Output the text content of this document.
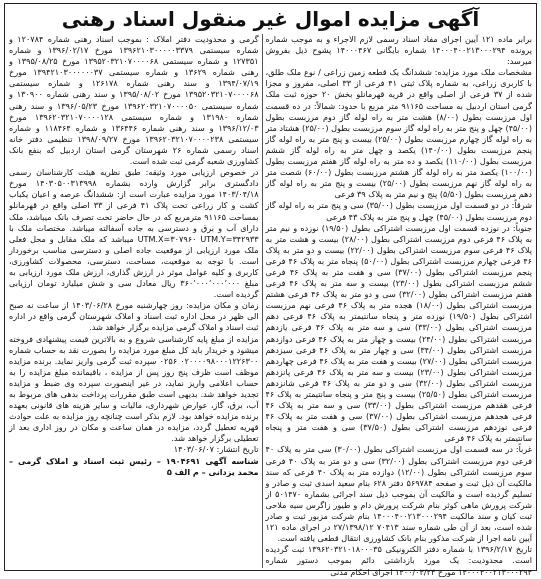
آگهی مزایده اموال غیر منقول اسناد رهنی
برابر ماده ۱۲۱ آیین اجرای مفاد اسناد رسمی لازم الاجراء و به موجب شماره پرونده ۱۴۰۰۰۴۰۰۲۱۳۰۰۰۲۹۴ شماره بایگانی ۱۴۰۰۰۴۶۷ پشوح ذیل بفروش میرسد:
مشخصات ملک مورد مزایده: ششدانگ یک قطعه زمین زراعی / نوع ملک طلق، با کاربری زراعی، به شماره پلاک ثبتی ۴۱ فرعی از ۳۳ اصلی، مفروز و مجزا شده از ۳۷ فرعی از اصلی واقع در قریه قهرمانلو بخش ۲۰ حوزه ثبت ملک گرمی استان اردبیل به مساحت ۹۱۱۶۵ متر مربع با حدود: شمالاً: در ده قسمت اول مرزبست بطول (۸/۰۰) هشت متر به راه لوله گاز دوم مرزبست بطول (۴۵/۰۰) چهل و پنج متر به راه لوله گاز سوم مرزبست بطول (۲۵/۰۰) هشتاد متر به راه لوله گاز چهارم مرزبست بطول (۲۵/۰۰) بیست و پنج متر به راه لوله گاز پنجم مرزبست بطول (۱۴۰/۰۰) یکصد و چهل متر به راه لوله گاز ششم مرزبست بطول (۱۱۰/۰۰) یکصد و ده متر به راه لوله گاز هفتم مرزبست بطول (۱۰۰/۰۰) یکصد متر به راه لوله گاز هشتم مرزبست بطول (۶۰/۰۰) شصت متر به راه لوله گاز نهم مرزبست بطول (۲۵/۰۰) بیست و پنج متر به راه لوله گاز دهم مرزبست بطول (۵/۵۰) پنج و نیم متر به پلاک ۳۹ فرعی
شرقاً: در دو قسمت اول مرزبست بطول (۳۵/۰۰) سی و پنج متر به راه لوله گاز دوم مرزبست بطول (۴۵/۰۰) چهل و پنج متر به پلاک ۴۳ فرعی
جنوباً: در نوزده قسمت اول مرزبست اشتراکی بطول (۱۹/۵۰) نوزده و نیم متر به پلاک ۴۶ فرعی دوم مرزبست اشتراکی بطول (۲۸/۰۰) بیست و هشت متر به پلاک ۴۶ فرعی سوم مرزبست اشتراکی بطول (۲۲/۰۰) بیست و دو متر به پلاک ۴۶ فرعی چهارم مرزبست اشتراکی بطول (۵۰/۰۰) پنجاه متر به پلاک ۴۶ فرعی پنجم مرزبست اشتراکی بطول (۳۷/۰۰) سی و هفت متر به پلاک ۴۶ فرعی ششم مرزبست اشتراکی بطول (۲۳/۰۰) بیست و سه متر به پلاک ۴۶ فرعی هفتم مرزبست اشتراکی بطول (۳۲/۰۰) سی و دو متر به پلاک ۴۶ فرعی هشتم مرزبست اشتراکی بطول (۱۸/۰۰) هجده متر به پلاک ۴۶ فرعی نهم مرزبست اشتراکی بطول (۱۹/۵۰) نوزده متر و پنجاه سانتیمتر به پلاک ۴۶ فرعی دهم مرزبست اشتراکی بطول (۳۳/۰۰) سی و سه متر به پلاک ۴۶ فرعی یازدهم مرزبست اشتراکی بطول (۲۴/۰۰) بیست و چهار متر به پلاک ۴۶ فرعی دوازدهم مرزبست اشتراکی بطول (۳۴/۰۰) سی و چهار متر به پلاک ۴۶ فرعی سیزدهم مرزبست اشتراکی بطول (۲۷/۰۰) بیست و هفت متر به پلاک ۴۶ فرعی چهاردهم مرزبست اشتراکی بطول (۲۳/۰۰) بیست و سه متر به پلاک ۴۶ فرعی پانزدهم مرزبست اشتراکی بطول (۳۲/۰۰) سی و دو متر به پلاک ۴۶ فرعی شانزدهم مرزبست اشتراکی بطول (۲۵/۵۰) بیست و پنج متر و پنجاه سانتیمتر به پلاک ۴۶ فرعی هفدهم مرزبست اشتراکی بطول (۳۳/۰۰) سی و سه متر به پلاک ۴۶ فرعی هجدهم مرزبست اشتراکی بطول (۳۷/۰۰) سی و هفت متر به پلاک ۴۶ فرعی نوزدهم مرزبست اشتراکی بطول (۳۷/۵۰) سی و هفت متر و پنجاه سانتیمتر به پلاک ۴۶ فرعی
غرباً: در سه قسمت اول مرزبست اشتراکی بطول (۳۰/۰۰) سی متر به پلاک ۴۰ فرعی دوم مرزبست اشتراکی بطول (۳۲/۰۰) سی و دو متر به پلاک ۴۰ فرعی سوم مرزبست اشتراکی بطول (۱۲/۰۰) دوازده متر به پلاک ۴۰ فرعی که سند مالکیت آن ذیل ثبت و صفحه ۵۶۹۷۸۴ دفتر ۶۲۸ بنام سعید اسدی ثبت و صادر و تسلیم گردیده است و مالکیت آن بموجب ذیل سند اجرائی بشماره ۵۰۱۴۷۰ از شرکت پرورش ماهی کوثر بنام شرکت پرورش دام و طیور زاگرس سیه ملاحی ثبت کیان و سند مالکیت ۱۴۰۰۰۴۰۰۲۱۳۰۰۰۲۹۴ بنام شرکت مزبور ثبت و صادر شده است، بعد از آن طی شماره سند ۷۰۴۱۳ ۲۷/۱۳۹۸/۱۲ در اجرای ماده ۱۲۱ آیین نامه اجرا از شرکت مذکور بنام بانک کشاورزی انتقال قطعی یافته است.
تاریخ ۱۳۹۶/۲/۱۷ با شماره دفتر الکترونیکی ۱۳۹۶۲۰۳۲۱۰۱۸۰۰۰۳۵ ثبت گردیده است. محدودیت: یک مورد بازداشتی دائم بموجب دستور شماره ۱۴۰۰۰۴۰۰۲۱۳۰۰۰۲۹۴ مورخ ۱۴۰۰/۰۳/۲۳ اجرای احکام مدنی
گرمی و محدودیت دفتر املاک : بموجب اسناد رهنی شماره ۱۲۰۷۸۴ و شماره سیستمی ۱۳۹۶۲۱۰۳۰۰۰۰۰۳۳۷۹ مورخ ۱۳۹۶/۰۲/۱۷ و شماره ۱۲۷۳۵۱ و شماره سیستمی ۱۳۹۵۲۰۳۲۱۰۷۰۰۰۰۶۸ مورخ ۱۳۹۵/۰۸/۲۵ و رهنی شماره ۱۳۶۲۹ و شماره سیستمی ۱۳۹۴۲۱۰۳۰۰۰۰۰۰۳۷ مورخ ۱۳۹۴/۰۷/۱۹ و سند رهنی شماره ۱۲۶۱۷۸ و شماره سیستمی ۱۳۹۵۲۰۳۲۱۰۷۰۰۰۰۶۸ مورخ ۱۳۹۵/۰۸/۰۲ و سند رهنی شماره ۱۳۰۹۰۰ و شماره سیستمی ۱۳۹۶۲۰۳۲۱۰۷۰۰۰۰۵۰ مورخ ۱۳۹۶/۰۵/۲۳ و سند رهنی شماره ۱۳۱۹۸۰ و شماره سیستمی ۱۳۹۶۲۰۳۲۱۰۷۰۰۰۰۱۲۸ مورخ ۱۳۹۶/۱۲/۰۳ و سند رهنی شماره ۱۳۶۴۴۶ و شماره ۱۱۸۴۶۴ و شماره سیستمی ۱۳۹۶۲۰۳۲۱۰۷۰۰۰۰۲۳۸ مورخ ۱۳۹۸/۰۹/۲۷ تنظیمی دفتر خانه اسناد رسمی شماره ۲۶ شهرستان گرمی استان اردبیل که بنفع بانک کشاورزی شعبه گرمی ثبت شده است.
در خصوص ارزیابی مورد وثیقه: طبق نظریه هیئت کارشناسان رسمی دادگستری برابر گزارش وارده بشماره ۱۴۰۳۰۵۰۰۳۱۳۹۹۸ مورخ ۱۴۰۳/۰۴/۱۸ مورد مزایده عبارت است از: ششدانگ عرصه و اعیان یکباب کشت و کار زراعی تحت پلاک ۴۱ فرعی از ۳۳ اصلی واقع در قهرمانلو بمساحت ۹۱۱۶۵ مترمربع که در حال حاضر تحت تصرف بانک میباشد، ملک دارای آب و برق و دسترسی به جاده آسفالته میباشد. مختصات ملک با UTM.X=۳۰۷۹۶۰ UTM.Y=۳۴۲۹۳۳ میباشد که ملک مقابل و محل فعلی ملک مورد ارزیابی از موقعیت جاده اصلی و دسترسی مناسب برخوردار است. با توجه به موقعیت، مساحت، دسترسی، محصولات کشاورزی، کاربری و کلیه عوامل موثر در ارزش گذاری، ارزش ملک مورد ارزیابی به مبلغ ۳۶۰٬۰۰۰٬۰۰۰٬۰۰۰ ریال معادل سی و شش میلیارد تومان ارزیابی گردیده است.
زمان و مکان مزایده: روز چهارشنبه مورخ ۱۴۰۳/۰۶/۲۸ از ساعت نه صبح الی ظهر در محل اداره ثبت اسناد و املاک شهرستان گرمی واقع در اداره ثبت اسناد و املاک گرمی مزایده برگزار خواهد شد.
مزایده از مبلغ پایه کارشناسی شروع و به بالاترین قیمت پیشنهادی فروخته میشود و خریدار باید کل مبلغ مورد مزایده را بصورت نقد به حساب شماره ۰۲۰۰۰۰۹۸۰۰۰۱۲۲۶۳۰۰ ۰۲۵۶ سپرده ثبت گرمی واریز نماید. برنده مزایده موظف است ظرف پنج روز پس از مزایده ، باقیمانده مبلغ مزایده را به حساب اعلامی واریز نماید، در غیر اینصورت سپرده وی ضبط و مزایده تجدید خواهد شد. بدیهی است طبق مقررات پرداخت بدهی های مربوط به آب، برق، گاز، عوارض شهرداری، مالیات و سایر هزینه های قانونی بعهده برنده مزایده خواهد بود. لازم بذکر است چنانچه روز مزایده به علت حوادث قهریه تعطیل گردد، مزایده در همان ساعت و مکان در روز اداری بعد از تعطیلی برگزار خواهد شد.
تاریخ انتشار: ۱۴۰۳/۰۶/۰۷
شناسه آگهی ۱۹۰۴۶۹۱ – رئیس ثبت اسناد و املاک گرمی – محمد یزدانی – م الف ۵
